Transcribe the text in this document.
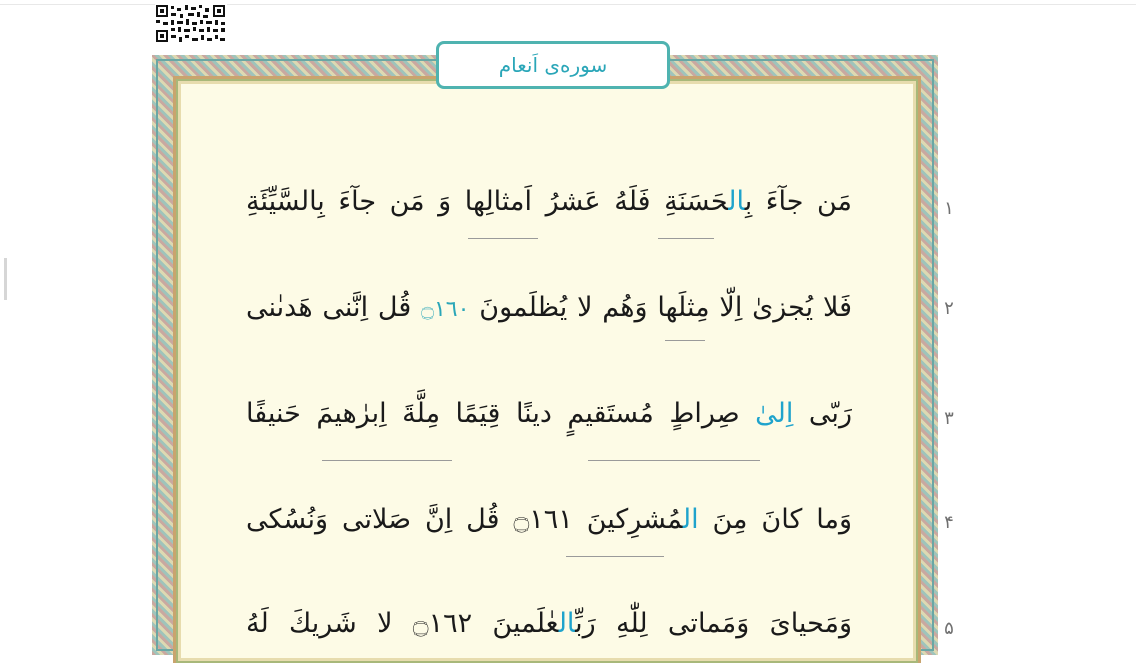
سوره‌ی اَنعام
مَن جآءَ بِالحَسَنَةِ فَلَهُ عَشرُ اَمثالِها وَ مَن جآءَ بِالسَّيِّئَةِ
فَلا يُجزىٰ اِلّا مِثلَها وَهُم لا يُظلَمونَ ۝١٦٠ قُل اِنَّنى هَدىٰنى
رَبّى اِلىٰ صِراطٍ مُستَقيمٍ دينًا قِيَمًا مِلَّةَ اِبرٰهيمَ حَنيفًا
وَما كانَ مِنَ المُشرِكينَ ۝١٦١ قُل اِنَّ صَلاتى وَنُسُكى
وَمَحيایَ وَمَماتى لِلّٰهِ رَبِّالعٰلَمينَ ۝١٦٢ لا شَريكَ لَهُ
۱
۲
۳
۴
۵
